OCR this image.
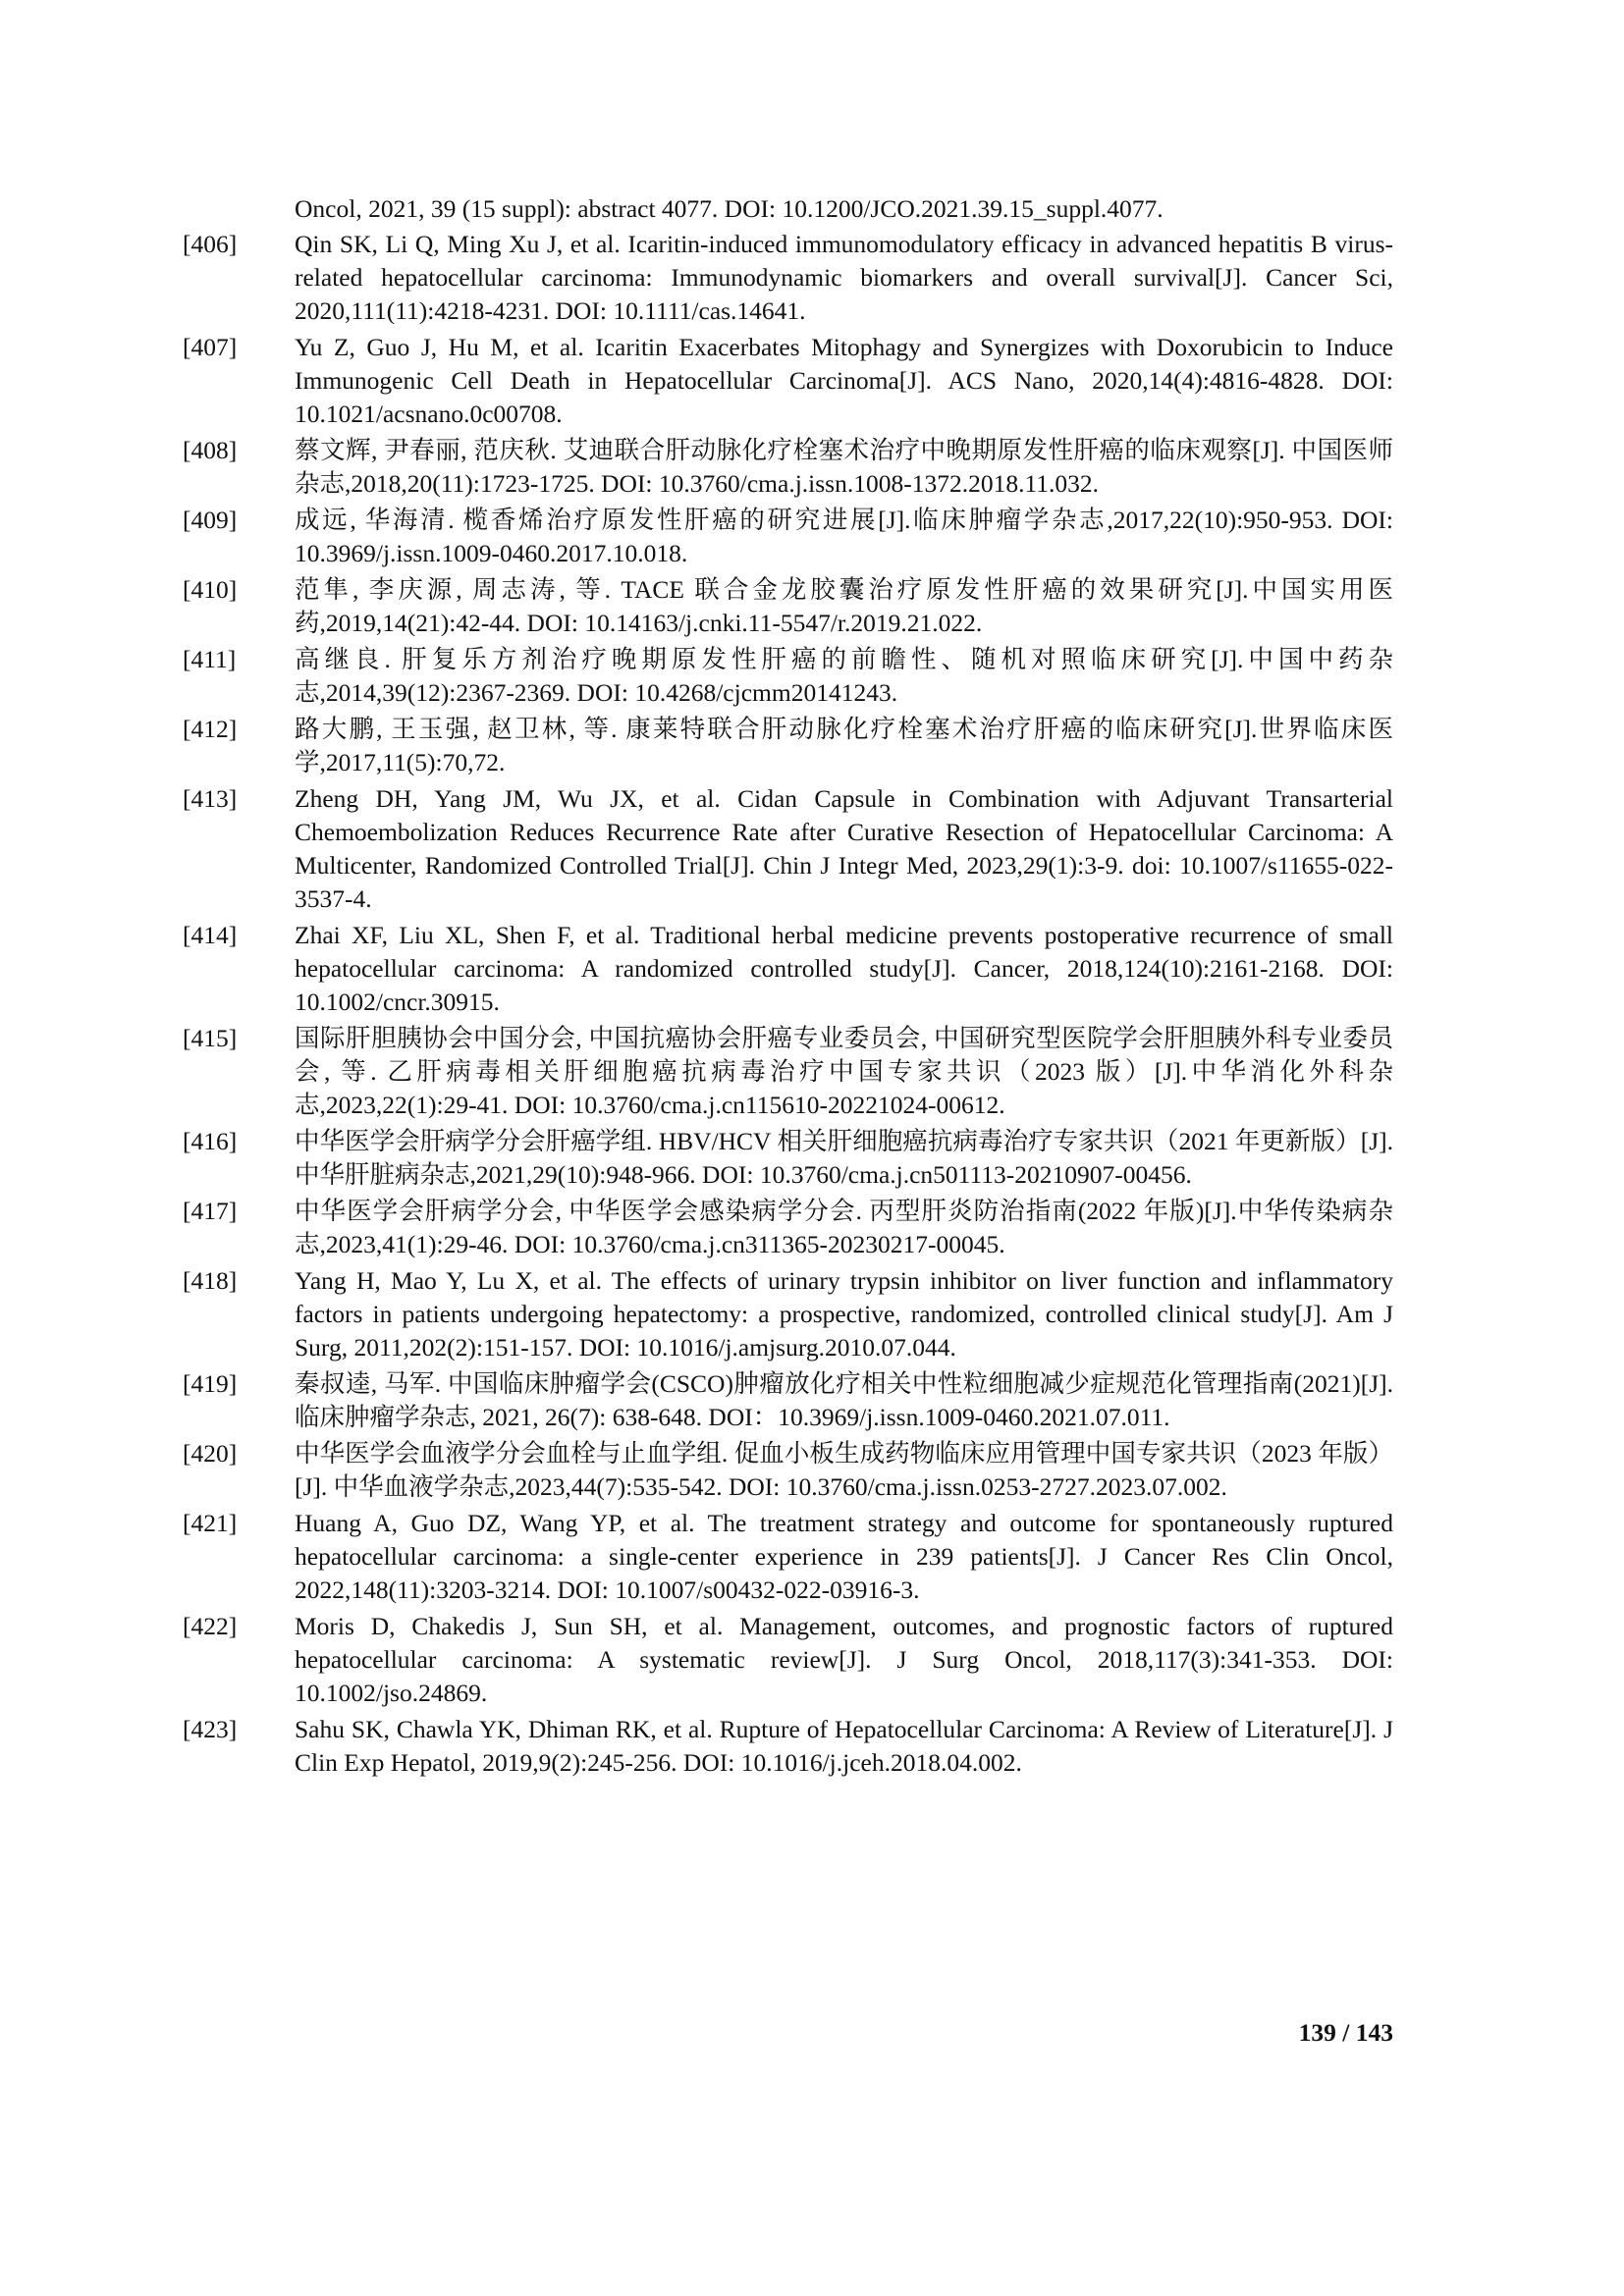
Oncol, 2021, 39 (15 suppl): abstract 4077. DOI: 10.1200/JCO.2021.39.15_suppl.4077.
[406]	Qin SK, Li Q, Ming Xu J, et al. Icaritin-induced immunomodulatory efficacy in advanced hepatitis B virus-related hepatocellular carcinoma: Immunodynamic biomarkers and overall survival[J]. Cancer Sci, 2020,111(11):4218-4231. DOI: 10.1111/cas.14641.
[407]	Yu Z, Guo J, Hu M, et al. Icaritin Exacerbates Mitophagy and Synergizes with Doxorubicin to Induce Immunogenic Cell Death in Hepatocellular Carcinoma[J]. ACS Nano, 2020,14(4):4816-4828. DOI: 10.1021/acsnano.0c00708.
[408]	蔡文辉, 尹春丽, 范庆秋. 艾迪联合肝动脉化疗栓塞术治疗中晚期原发性肝癌的临床观察[J]. 中国医师杂志,2018,20(11):1723-1725. DOI: 10.3760/cma.j.issn.1008-1372.2018.11.032.
[409]	成远, 华海清. 榄香烯治疗原发性肝癌的研究进展[J].临床肿瘤学杂志,2017,22(10):950-953. DOI: 10.3969/j.issn.1009-0460.2017.10.018.
[410]	范隼, 李庆源, 周志涛, 等. TACE 联合金龙胶囊治疗原发性肝癌的效果研究[J].中国实用医药,2019,14(21):42-44. DOI: 10.14163/j.cnki.11-5547/r.2019.21.022.
[411]	高继良. 肝复乐方剂治疗晚期原发性肝癌的前瞻性、随机对照临床研究[J].中国中药杂志,2014,39(12):2367-2369. DOI: 10.4268/cjcmm20141243.
[412]	路大鹏, 王玉强, 赵卫林, 等. 康莱特联合肝动脉化疗栓塞术治疗肝癌的临床研究[J].世界临床医学,2017,11(5):70,72.
[413]	Zheng DH, Yang JM, Wu JX, et al. Cidan Capsule in Combination with Adjuvant Transarterial Chemoembolization Reduces Recurrence Rate after Curative Resection of Hepatocellular Carcinoma: A Multicenter, Randomized Controlled Trial[J]. Chin J Integr Med, 2023,29(1):3-9. doi: 10.1007/s11655-022-3537-4.
[414]	Zhai XF, Liu XL, Shen F, et al. Traditional herbal medicine prevents postoperative recurrence of small hepatocellular carcinoma: A randomized controlled study[J]. Cancer, 2018,124(10):2161-2168. DOI: 10.1002/cncr.30915.
[415]	国际肝胆胰协会中国分会, 中国抗癌协会肝癌专业委员会, 中国研究型医院学会肝胆胰外科专业委员会, 等. 乙肝病毒相关肝细胞癌抗病毒治疗中国专家共识（2023 版）[J].中华消化外科杂志,2023,22(1):29-41. DOI: 10.3760/cma.j.cn115610-20221024-00612.
[416]	中华医学会肝病学分会肝癌学组. HBV/HCV 相关肝细胞癌抗病毒治疗专家共识（2021 年更新版）[J]. 中华肝脏病杂志,2021,29(10):948-966. DOI: 10.3760/cma.j.cn501113-20210907-00456.
[417]	中华医学会肝病学分会, 中华医学会感染病学分会. 丙型肝炎防治指南(2022 年版)[J].中华传染病杂志,2023,41(1):29-46. DOI: 10.3760/cma.j.cn311365-20230217-00045.
[418]	Yang H, Mao Y, Lu X, et al. The effects of urinary trypsin inhibitor on liver function and inflammatory factors in patients undergoing hepatectomy: a prospective, randomized, controlled clinical study[J]. Am J Surg, 2011,202(2):151-157. DOI: 10.1016/j.amjsurg.2010.07.044.
[419]	秦叔逵, 马军. 中国临床肿瘤学会(CSCO)肿瘤放化疗相关中性粒细胞减少症规范化管理指南(2021)[J]. 临床肿瘤学杂志, 2021, 26(7): 638-648. DOI：10.3969/j.issn.1009-0460.2021.07.011.
[420]	中华医学会血液学分会血栓与止血学组. 促血小板生成药物临床应用管理中国专家共识（2023 年版）[J]. 中华血液学杂志,2023,44(7):535-542. DOI: 10.3760/cma.j.issn.0253-2727.2023.07.002.
[421]	Huang A, Guo DZ, Wang YP, et al. The treatment strategy and outcome for spontaneously ruptured hepatocellular carcinoma: a single-center experience in 239 patients[J]. J Cancer Res Clin Oncol, 2022,148(11):3203-3214. DOI: 10.1007/s00432-022-03916-3.
[422]	Moris D, Chakedis J, Sun SH, et al. Management, outcomes, and prognostic factors of ruptured hepatocellular carcinoma: A systematic review[J]. J Surg Oncol, 2018,117(3):341-353. DOI: 10.1002/jso.24869.
[423]	Sahu SK, Chawla YK, Dhiman RK, et al. Rupture of Hepatocellular Carcinoma: A Review of Literature[J]. J Clin Exp Hepatol, 2019,9(2):245-256. DOI: 10.1016/j.jceh.2018.04.002.
139 / 143
